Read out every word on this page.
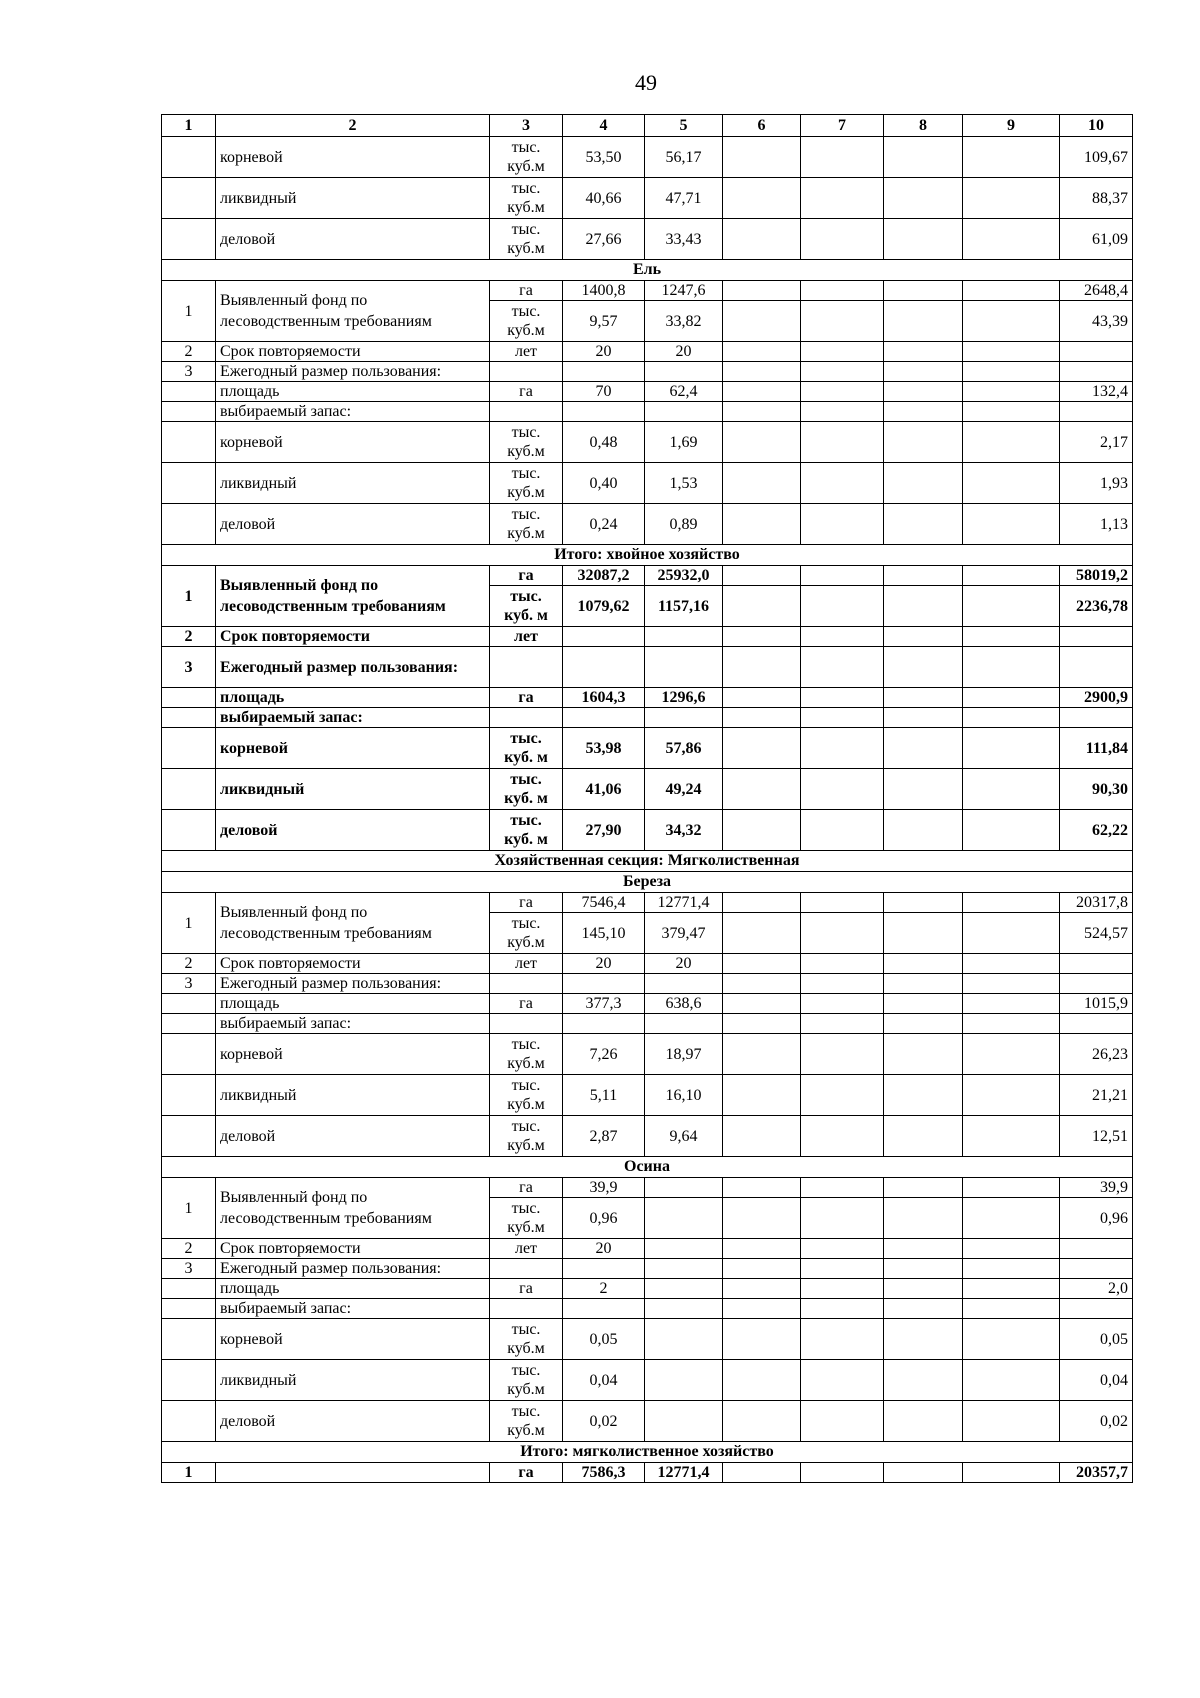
49
1	2	3	4	5	6	7	8	9	10
	корневой	тыс.
куб.м	53,50	56,17					109,67
	ликвидный	тыс.
куб.м	40,66	47,71					88,37
	деловой	тыс.
куб.м	27,66	33,43					61,09
Ель									
1	Выявленный фонд по лесоводственным требованиям	га	1400,8	1247,6					2648,4
		тыс.
куб.м	9,57	33,82					43,39
2	Срок повторяемости	лет	20	20					
3	Ежегодный размер пользования:								
	площадь	га	70	62,4					132,4
	выбираемый запас:								
	корневой	тыс.
куб.м	0,48	1,69					2,17
	ликвидный	тыс.
куб.м	0,40	1,53					1,93
	деловой	тыс.
куб.м	0,24	0,89					1,13
Итого: хвойное хозяйство									
1	Выявленный фонд по лесоводственным требованиям	га	32087,2	25932,0					58019,2
		тыс.
куб. м	1079,62	1157,16					2236,78
2	Срок повторяемости	лет							
3	Ежегодный размер пользования:								
	площадь	га	1604,3	1296,6					2900,9
	выбираемый запас:								
	корневой	тыс.
куб. м	53,98	57,86					111,84
	ликвидный	тыс.
куб. м	41,06	49,24					90,30
	деловой	тыс.
куб. м	27,90	34,32					62,22
Хозяйственная секция: Мягколиственная									
Береза									
1	Выявленный фонд по лесоводственным требованиям	га	7546,4	12771,4					20317,8
		тыс.
куб.м	145,10	379,47					524,57
2	Срок повторяемости	лет	20	20					
3	Ежегодный размер пользования:								
	площадь	га	377,3	638,6					1015,9
	выбираемый запас:								
	корневой	тыс.
куб.м	7,26	18,97					26,23
	ликвидный	тыс.
куб.м	5,11	16,10					21,21
	деловой	тыс.
куб.м	2,87	9,64					12,51
Осина									
1	Выявленный фонд по лесоводственным требованиям	га	39,9						39,9
		тыс.
куб.м	0,96						0,96
2	Срок повторяемости	лет	20						
3	Ежегодный размер пользования:								
	площадь	га	2						2,0
	выбираемый запас:								
	корневой	тыс.
куб.м	0,05						0,05
	ликвидный	тыс.
куб.м	0,04						0,04
	деловой	тыс.
куб.м	0,02						0,02
Итого: мягколиственное хозяйство									
1		га	7586,3	12771,4					20357,7
